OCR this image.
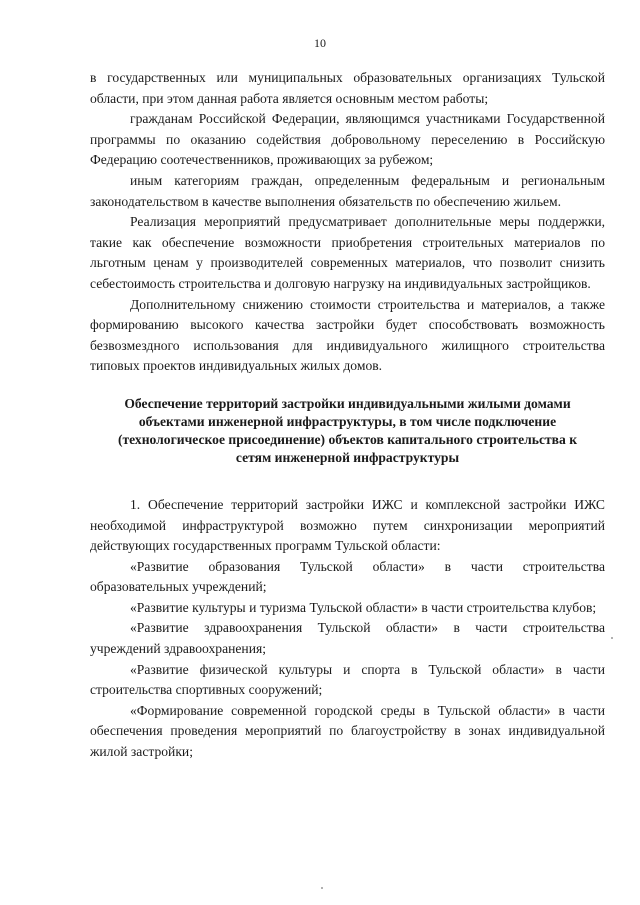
10

в государственных или муниципальных образовательных организациях Тульской области, при этом данная работа является основным местом работы;

гражданам Российской Федерации, являющимся участниками Государственной программы по оказанию содействия добровольному переселению в Российскую Федерацию соотечественников, проживающих за рубежом;

иным категориям граждан, определенным федеральным и региональным законодательством в качестве выполнения обязательств по обеспечению жильем.

Реализация мероприятий предусматривает дополнительные меры поддержки, такие как обеспечение возможности приобретения строительных материалов по льготным ценам у производителей современных материалов, что позволит снизить себестоимость строительства и долговую нагрузку на индивидуальных застройщиков.

Дополнительному снижению стоимости строительства и материалов, а также формированию высокого качества застройки будет способствовать возможность безвозмездного использования для индивидуального жилищного строительства типовых проектов индивидуальных жилых домов.

Обеспечение территорий застройки индивидуальными жилыми домами объектами инженерной инфраструктуры, в том числе подключение (технологическое присоединение) объектов капитального строительства к сетям инженерной инфраструктуры

1. Обеспечение территорий застройки ИЖС и комплексной застройки ИЖС необходимой инфраструктурой возможно путем синхронизации мероприятий действующих государственных программ Тульской области:

«Развитие образования Тульской области» в части строительства образовательных учреждений;

«Развитие культуры и туризма Тульской области» в части строительства клубов;

«Развитие здравоохранения Тульской области» в части строительства учреждений здравоохранения;

«Развитие физической культуры и спорта в Тульской области» в части строительства спортивных сооружений;

«Формирование современной городской среды в Тульской области» в части обеспечения проведения мероприятий по благоустройству в зонах индивидуальной жилой застройки;
